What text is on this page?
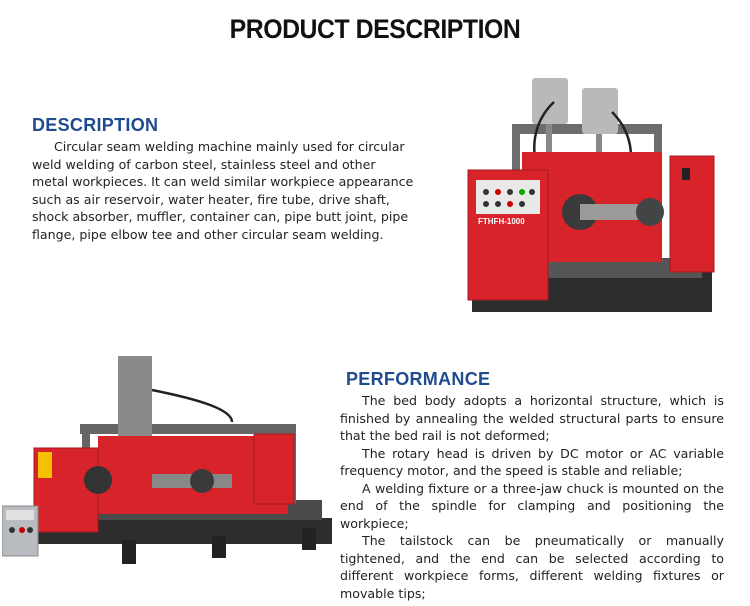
PRODUCT DESCRIPTION
DESCRIPTION

Circular seam welding machine mainly used for circular weld welding of carbon steel, stainless steel and other metal workpieces. It can weld similar workpiece appearance such as air reservoir, water heater, fire tube, drive shaft, shock absorber, muffler, container can, pipe butt joint, pipe flange, pipe elbow tee and other circular seam welding.

FTHFH-1000
PERFORMANCE

The bed body adopts a horizontal structure, which is finished by annealing the welded structural parts to ensure that the bed rail is not deformed;

The rotary head is driven by DC motor or AC variable frequency motor, and the speed is stable and reliable;

A welding fixture or a three-jaw chuck is mounted on the end of the spindle for clamping and positioning the workpiece;

The tailstock can be pneumatically or manually tightened, and the end can be selected according to different workpiece forms, different welding fixtures or movable tips;
